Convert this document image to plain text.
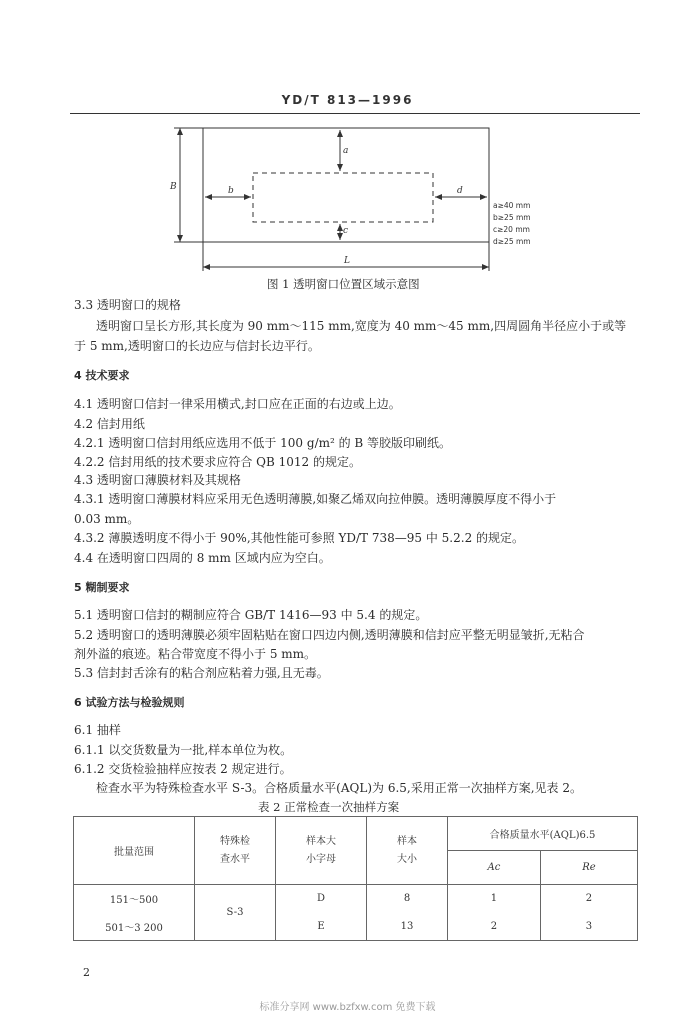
YD/T 813—1996
a
c
b	d
B
L
a≥40 mm
b≥25 mm
c≥20 mm
d≥25 mm
图 1 透明窗口位置区域示意图
3.3 透明窗口的规格
透明窗口呈长方形,其长度为 90 mm～115 mm,宽度为 40 mm～45 mm,四周圆角半径应小于或等
于 5 mm,透明窗口的长边应与信封长边平行。
4 技术要求
4.1 透明窗口信封一律采用横式,封口应在正面的右边或上边。
4.2 信封用纸
4.2.1 透明窗口信封用纸应选用不低于 100 g/m² 的 B 等胶版印刷纸。
4.2.2 信封用纸的技术要求应符合 QB 1012 的规定。
4.3 透明窗口薄膜材料及其规格
4.3.1 透明窗口薄膜材料应采用无色透明薄膜,如聚乙烯双向拉伸膜。透明薄膜厚度不得小于
0.03 mm。
4.3.2 薄膜透明度不得小于 90%,其他性能可参照 YD/T 738—95 中 5.2.2 的规定。
4.4 在透明窗口四周的 8 mm 区域内应为空白。
5 糊制要求
5.1 透明窗口信封的糊制应符合 GB/T 1416—93 中 5.4 的规定。
5.2 透明窗口的透明薄膜必须牢固粘贴在窗口四边内侧,透明薄膜和信封应平整无明显皱折,无粘合
剂外溢的痕迹。粘合带宽度不得小于 5 mm。
5.3 信封封舌涂有的粘合剂应粘着力强,且无毒。
6 试验方法与检验规则
6.1 抽样
6.1.1 以交货数量为一批,样本单位为枚。
6.1.2 交货检验抽样应按表 2 规定进行。
检查水平为特殊检查水平 S-3。合格质量水平(AQL)为 6.5,采用正常一次抽样方案,见表 2。
表 2 正常检查一次抽样方案
批量范围	特殊检
查水平	样本大
小字母	样本
大小	合格质量水平(AQL)6.5	
				Ac	Re
151～500	S-3	D	8	1	2
501～3 200		E	13	2	3
2
标准分享网 www.bzfxw.com 免费下载
